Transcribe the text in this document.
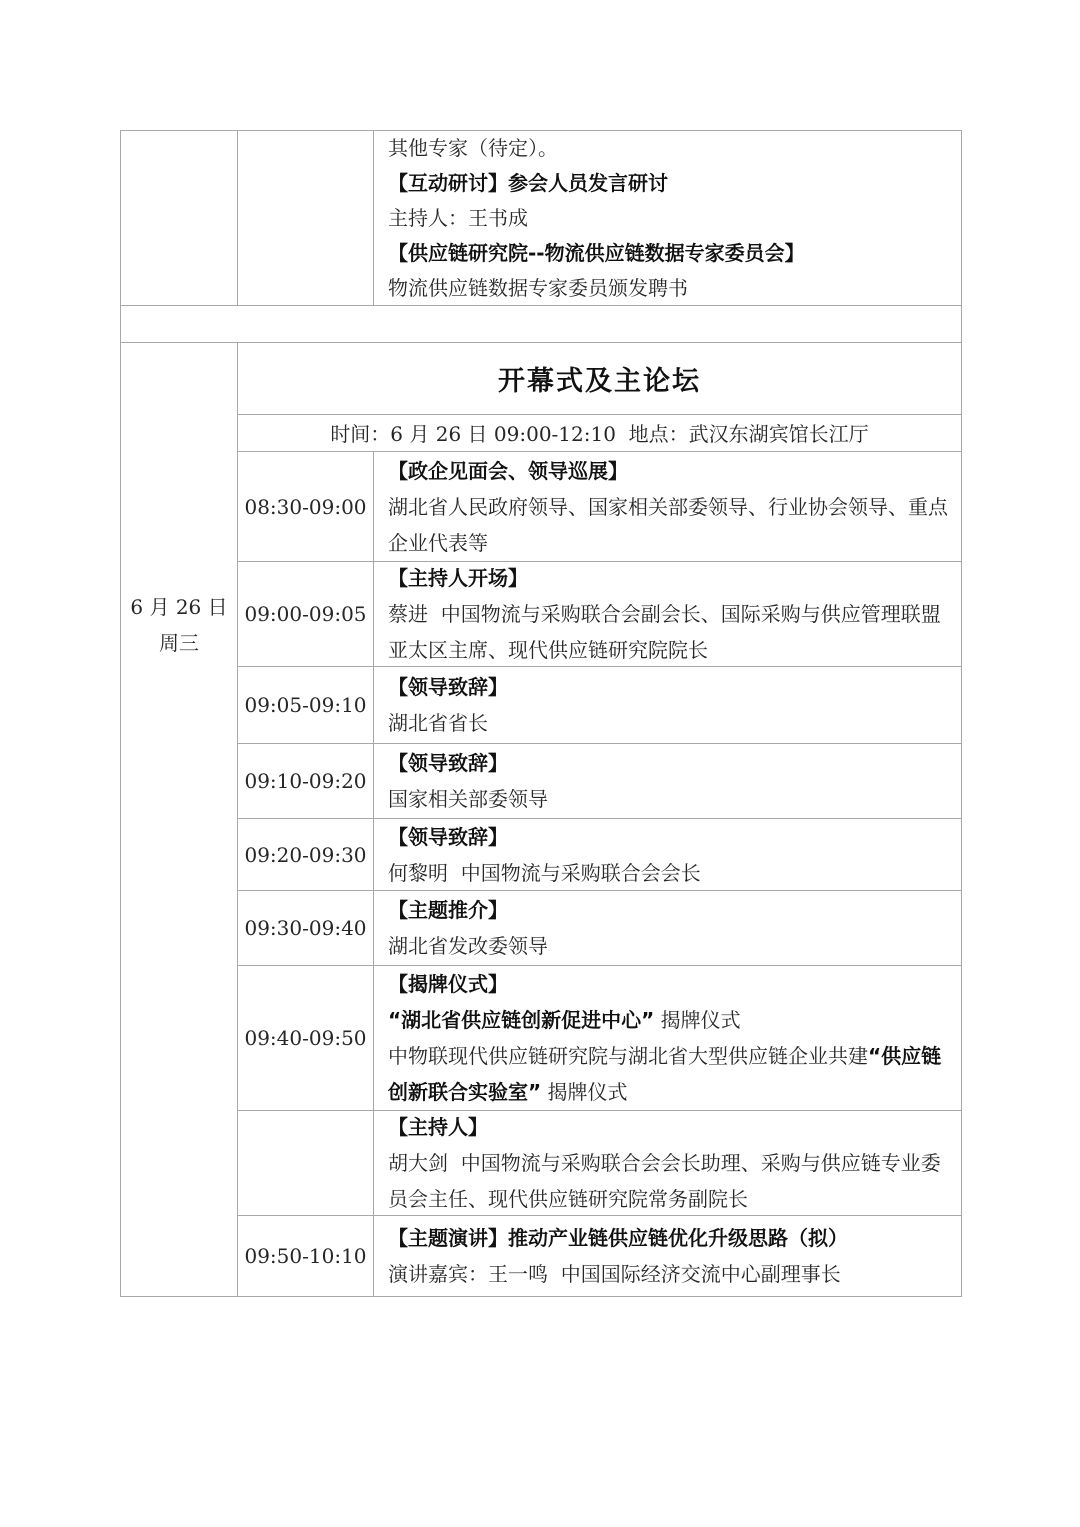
其他专家（待定）。

【互动研讨】参会人员发言研讨

主持人：王书成

【供应链研究院--物流供应链数据专家委员会】

物流供应链数据专家委员颁发聘书

6 月 26 日
周三
开幕式及主论坛
时间：6 月 26 日 09:00-12:10  地点：武汉东湖宾馆长江厅
08:30-09:00

【政企见面会、领导巡展】

湖北省人民政府领导、国家相关部委领导、行业协会领导、重点企业代表等

09:00-09:05

【主持人开场】

蔡进  中国物流与采购联合会副会长、国际采购与供应管理联盟亚太区主席、现代供应链研究院院长

09:05-09:10

【领导致辞】

湖北省省长

09:10-09:20

【领导致辞】

国家相关部委领导

09:20-09:30

【领导致辞】

何黎明  中国物流与采购联合会会长

09:30-09:40

【主题推介】

湖北省发改委领导

09:40-09:50

【揭牌仪式】

“湖北省供应链创新促进中心” 揭牌仪式

中物联现代供应链研究院与湖北省大型供应链企业共建“供应链创新联合实验室” 揭牌仪式

【主持人】

胡大剑  中国物流与采购联合会会长助理、采购与供应链专业委员会主任、现代供应链研究院常务副院长

09:50-10:10

【主题演讲】推动产业链供应链优化升级思路（拟）

演讲嘉宾：王一鸣  中国国际经济交流中心副理事长
